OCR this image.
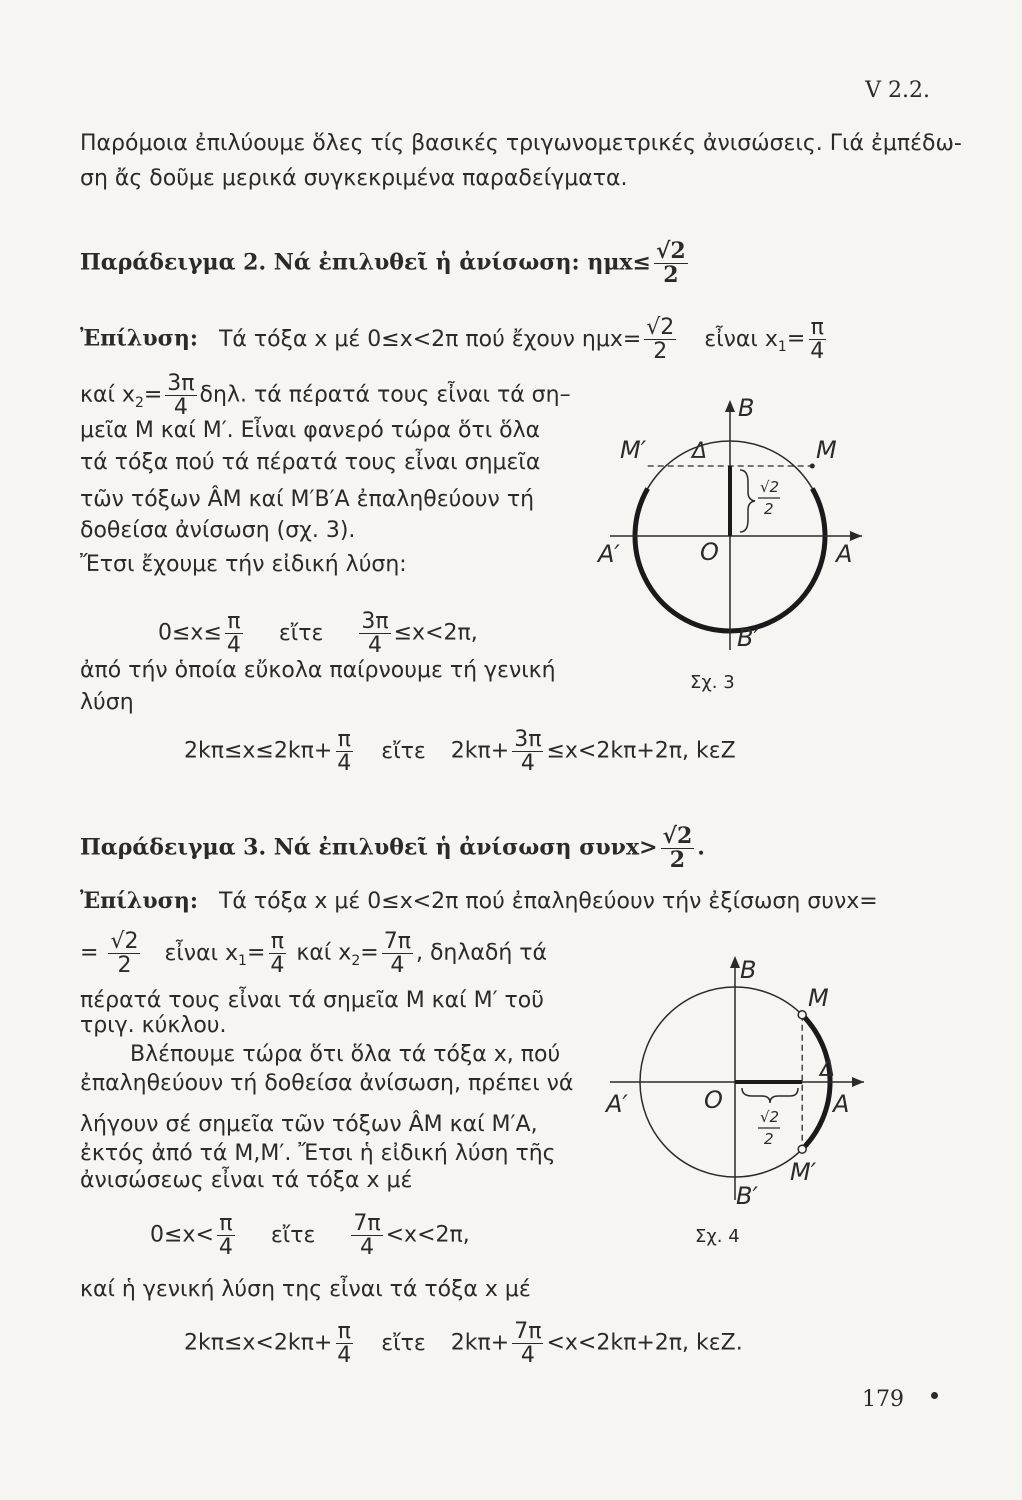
V 2.2.
Παρόμοια ἐπιλύουμε ὅλες τίς βασικές τριγωνομετρικές ἀνισώσεις. Γιά ἐμπέδω-
ση ἄς δοῦμε μερικά συγκεκριμένα παραδείγματα.
Παράδειγμα 2. Νά ἐπιλυθεῖ ἡ ἀνίσωση: $\eta\mu x\le \frac{√2}{2}$
Ἐπίλυση: Τά τόξα x μέ 0≤x<2π πού ἔχουν $\eta\mu x= \frac{√2}{2}$ εἶναι $x_1= \frac{\pi}{4}$
καί $x_2= \frac{3\pi}{4} \delta\eta\lambda$. τά πέρατά τους εἶναι τά ση–
μεῖα M καί M′. Εἶναι φανερό τώρα ὅτι ὅλα
τά τόξα πού τά πέρατά τους εἶναι σημεῖα
τῶν τόξων ÂM καί M′B′A ἐπαληθεύουν τή
δοθείσα ἀνίσωση (σχ. 3).
Ἔτσι ἔχουμε τήν εἰδική λύση:
$0\le x\le \frac{\pi}{4}$ εἴτε $\frac{3\pi}{4} \le x<2\pi$,
ἀπό τήν ὁποία εὔκολα παίρνουμε τή γενική
λύση
$2k\pi\le x\le 2k\pi+ \frac{\pi}{4}$ εἴτε $2k\pi+ \frac{3\pi}{4} \le x<2k\pi+2\pi$, kεZ
B
B′
A
A′	O
M
M′ Δ
√2
2
Σχ. 3
Παράδειγμα 3. Νά ἐπιλυθεῖ ἡ ἀνίσωση $\sigma\upsilon\nu x> \frac{√2}{2}$ .
Ἐπίλυση: Τά τόξα x μέ 0≤x<2π πού ἐπαληθεύουν τήν ἐξίσωση συνx=
= $\frac{√2}{2}$ εἶναι $x_1= \frac{\pi}{4}$ καί $x_2= \frac{7\pi}{4}$ , δηλαδή τά
πέρατά τους εἶναι τά σημεῖα M καί M′ τοῦ
τριγ. κύκλου.
Βλέπουμε τώρα ὅτι ὅλα τά τόξα x, πού
ἐπαληθεύουν τή δοθείσα ἀνίσωση, πρέπει νά
λήγουν σέ σημεῖα τῶν τόξων ÂM καί M′A,
ἐκτός ἀπό τά M,M′. Ἔτσι ἡ εἰδική λύση τῆς
ἀνισώσεως εἶναι τά τόξα x μέ
$0\le x< \frac{\pi}{4}$ εἴτε $\frac{7\pi}{4} <x<2\pi$,
καί ἡ γενική λύση της εἶναι τά τόξα x μέ
$2k\pi\le x<2k\pi+ \frac{\pi}{4}$ εἴτε $2k\pi+ \frac{7\pi}{4} <x<2k\pi+2\pi$, kεZ.
B
B′
A
A′	O
M
M′
Δ
√2
2
Σχ. 4
179
